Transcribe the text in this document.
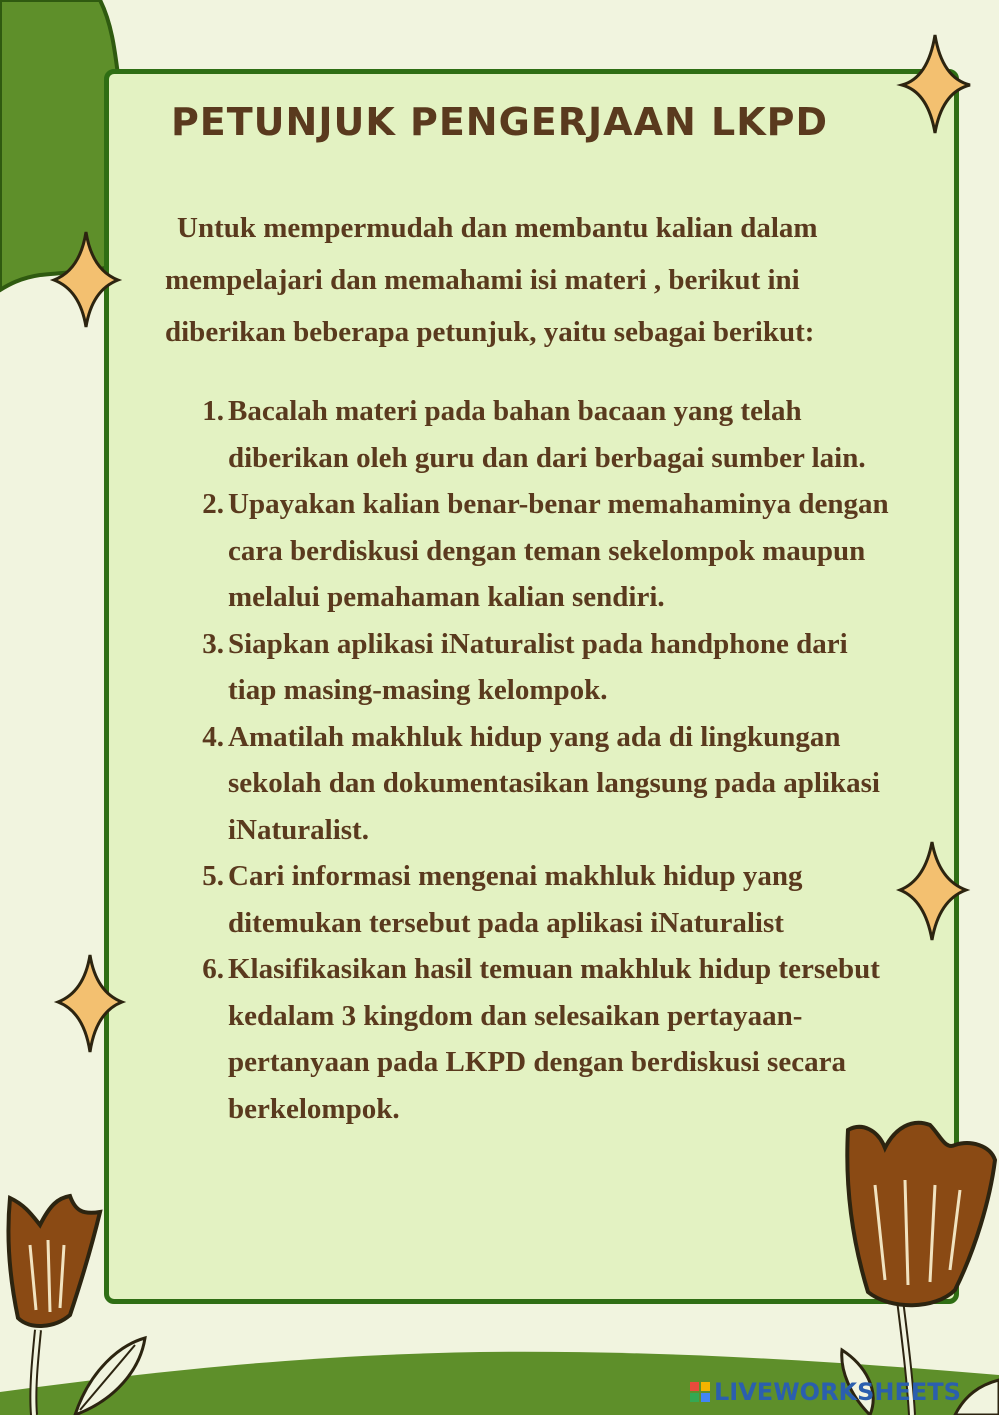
PETUNJUK PENGERJAAN LKPD

Untuk mempermudah dan membantu kalian dalam mempelajari dan memahami isi materi , berikut ini diberikan beberapa petunjuk, yaitu sebagai berikut:

1. Bacalah materi pada bahan bacaan yang telah diberikan oleh guru dan dari berbagai sumber lain.
2. Upayakan kalian benar-benar memahaminya dengan cara berdiskusi dengan teman sekelompok maupun melalui pemahaman kalian sendiri.
3. Siapkan aplikasi iNaturalist pada handphone dari tiap masing-masing kelompok.
4. Amatilah makhluk hidup yang ada di lingkungan sekolah dan dokumentasikan langsung pada aplikasi iNaturalist.
5. Cari informasi mengenai makhluk hidup yang ditemukan tersebut pada aplikasi iNaturalist
6. Klasifikasikan hasil temuan makhluk hidup tersebut kedalam 3 kingdom dan selesaikan pertayaan-pertanyaan pada LKPD dengan berdiskusi secara berkelompok.
LIVEWORKSHEETS
